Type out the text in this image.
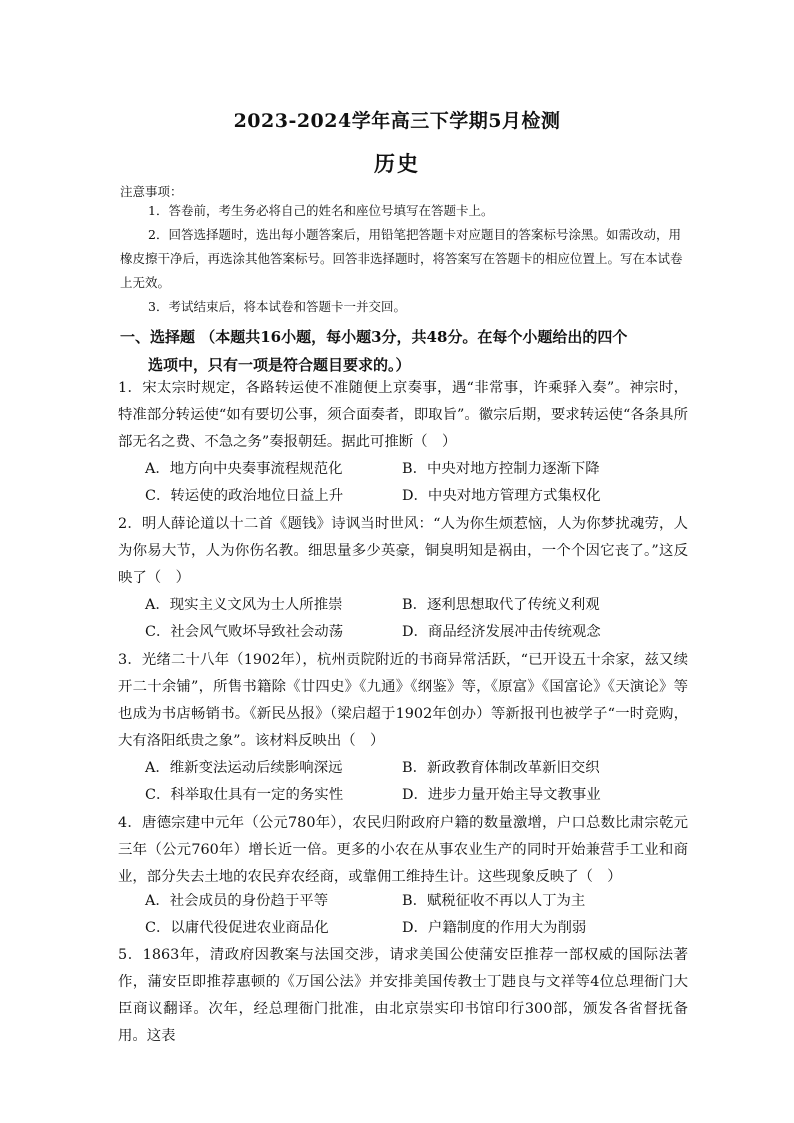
2023-2024学年高三下学期5月检测
历史
注意事项：
1．答卷前，考生务必将自己的姓名和座位号填写在答题卡上。
2．回答选择题时，选出每小题答案后，用铅笔把答题卡对应题目的答案标号涂黑。如需改动，用橡皮擦干净后，再选涂其他答案标号。回答非选择题时，将答案写在答题卡的相应位置上。写在本试卷上无效。
3．考试结束后，将本试卷和答题卡一并交回。
一、选择题 （本题共16小题，每小题3分，共48分。在每个小题给出的四个
选项中，只有一项是符合题目要求的。）
1．宋太宗时规定，各路转运使不准随便上京奏事，遇“非常事，许乘驿入奏”。神宗时，特准部分转运使“如有要切公事，须合面奏者，即取旨”。徽宗后期，要求转运使“各条具所部无名之费、不急之务”奏报朝廷。据此可推断（　）
A．地方向中央奏事流程规范化	B．中央对地方控制力逐渐下降
C．转运使的政治地位日益上升	D．中央对地方管理方式集权化
2．明人薛论道以十二首《题钱》诗讽当时世风：“人为你生烦惹恼，人为你梦扰魂劳，人为你易大节，人为你伤名教。细思量多少英豪，铜臭明知是祸由，一个个因它丧了。”这反映了（　）
A．现实主义文风为士人所推崇	B．逐利思想取代了传统义利观
C．社会风气败坏导致社会动荡	D．商品经济发展冲击传统观念
3．光绪二十八年（1902年），杭州贡院附近的书商异常活跃，“已开设五十余家，兹又续开二十余铺”，所售书籍除《廿四史》《九通》《纲鉴》等，《原富》《国富论》《天演论》等也成为书店畅销书。《新民丛报》（梁启超于1902年创办）等新报刊也被学子“一时竞购，大有洛阳纸贵之象”。该材料反映出（　）
A．维新变法运动后续影响深远	B．新政教育体制改革新旧交织
C．科举取仕具有一定的务实性	D．进步力量开始主导文教事业
4．唐德宗建中元年（公元780年），农民归附政府户籍的数量激增，户口总数比肃宗乾元三年（公元760年）增长近一倍。更多的小农在从事农业生产的同时开始兼营手工业和商业，部分失去土地的农民弃农经商，或靠佣工维持生计。这些现象反映了（　）
A．社会成员的身份趋于平等	B．赋税征收不再以人丁为主
C．以庸代役促进农业商品化	D．户籍制度的作用大为削弱
5．1863年，清政府因教案与法国交涉，请求美国公使蒲安臣推荐一部权威的国际法著作，蒲安臣即推荐惠顿的《万国公法》并安排美国传教士丁韪良与文祥等4位总理衙门大臣商议翻译。次年，经总理衙门批准，由北京崇实印书馆印行300部，颁发各省督抚备用。这表
